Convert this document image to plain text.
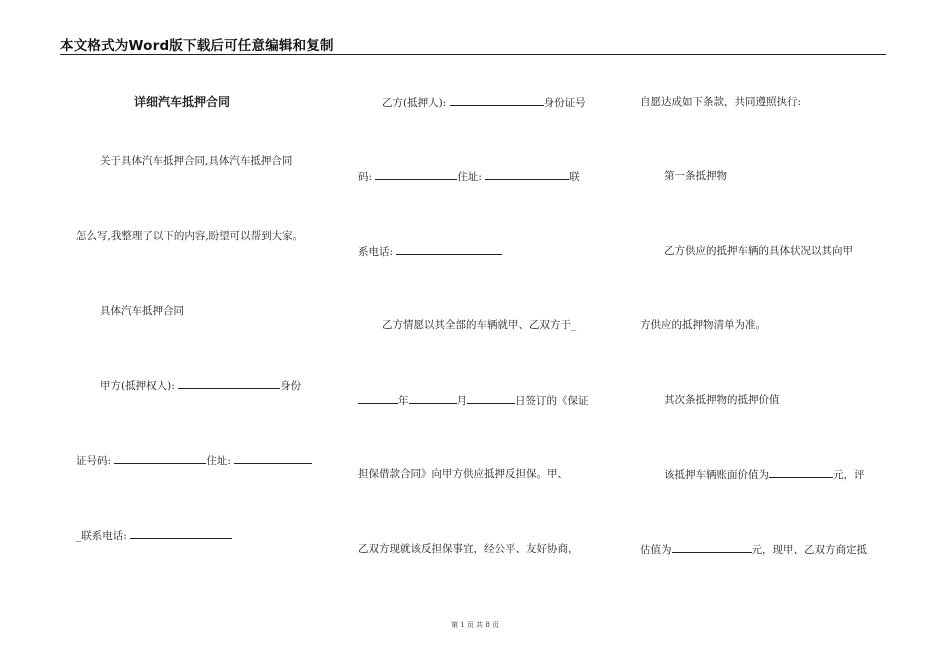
本文格式为Word版下载后可任意编辑和复制
详细汽车抵押合同
关于具体汽车抵押合同,具体汽车抵押合同
怎么写,我整理了以下的内容,盼望可以帮到大家。
具体汽车抵押合同
甲方(抵押权人):	身份
证号码:	住址:
_联系电话:
乙方(抵押人):	身份证号
码:	住址:	联
系电话:
乙方情愿以其全部的车辆就甲、乙双方于_
年	月	日签订的《保证
担保借款合同》向甲方供应抵押反担保。甲、
乙双方现就该反担保事宜，经公平、友好协商，
自愿达成如下条款，共同遵照执行:
第一条抵押物
乙方供应的抵押车辆的具体状况以其向甲
方供应的抵押物清单为准。
其次条抵押物的抵押价值
该抵押车辆账面价值为	元，评
估值为	元，现甲、乙双方商定抵
第 1 页 共 8 页
